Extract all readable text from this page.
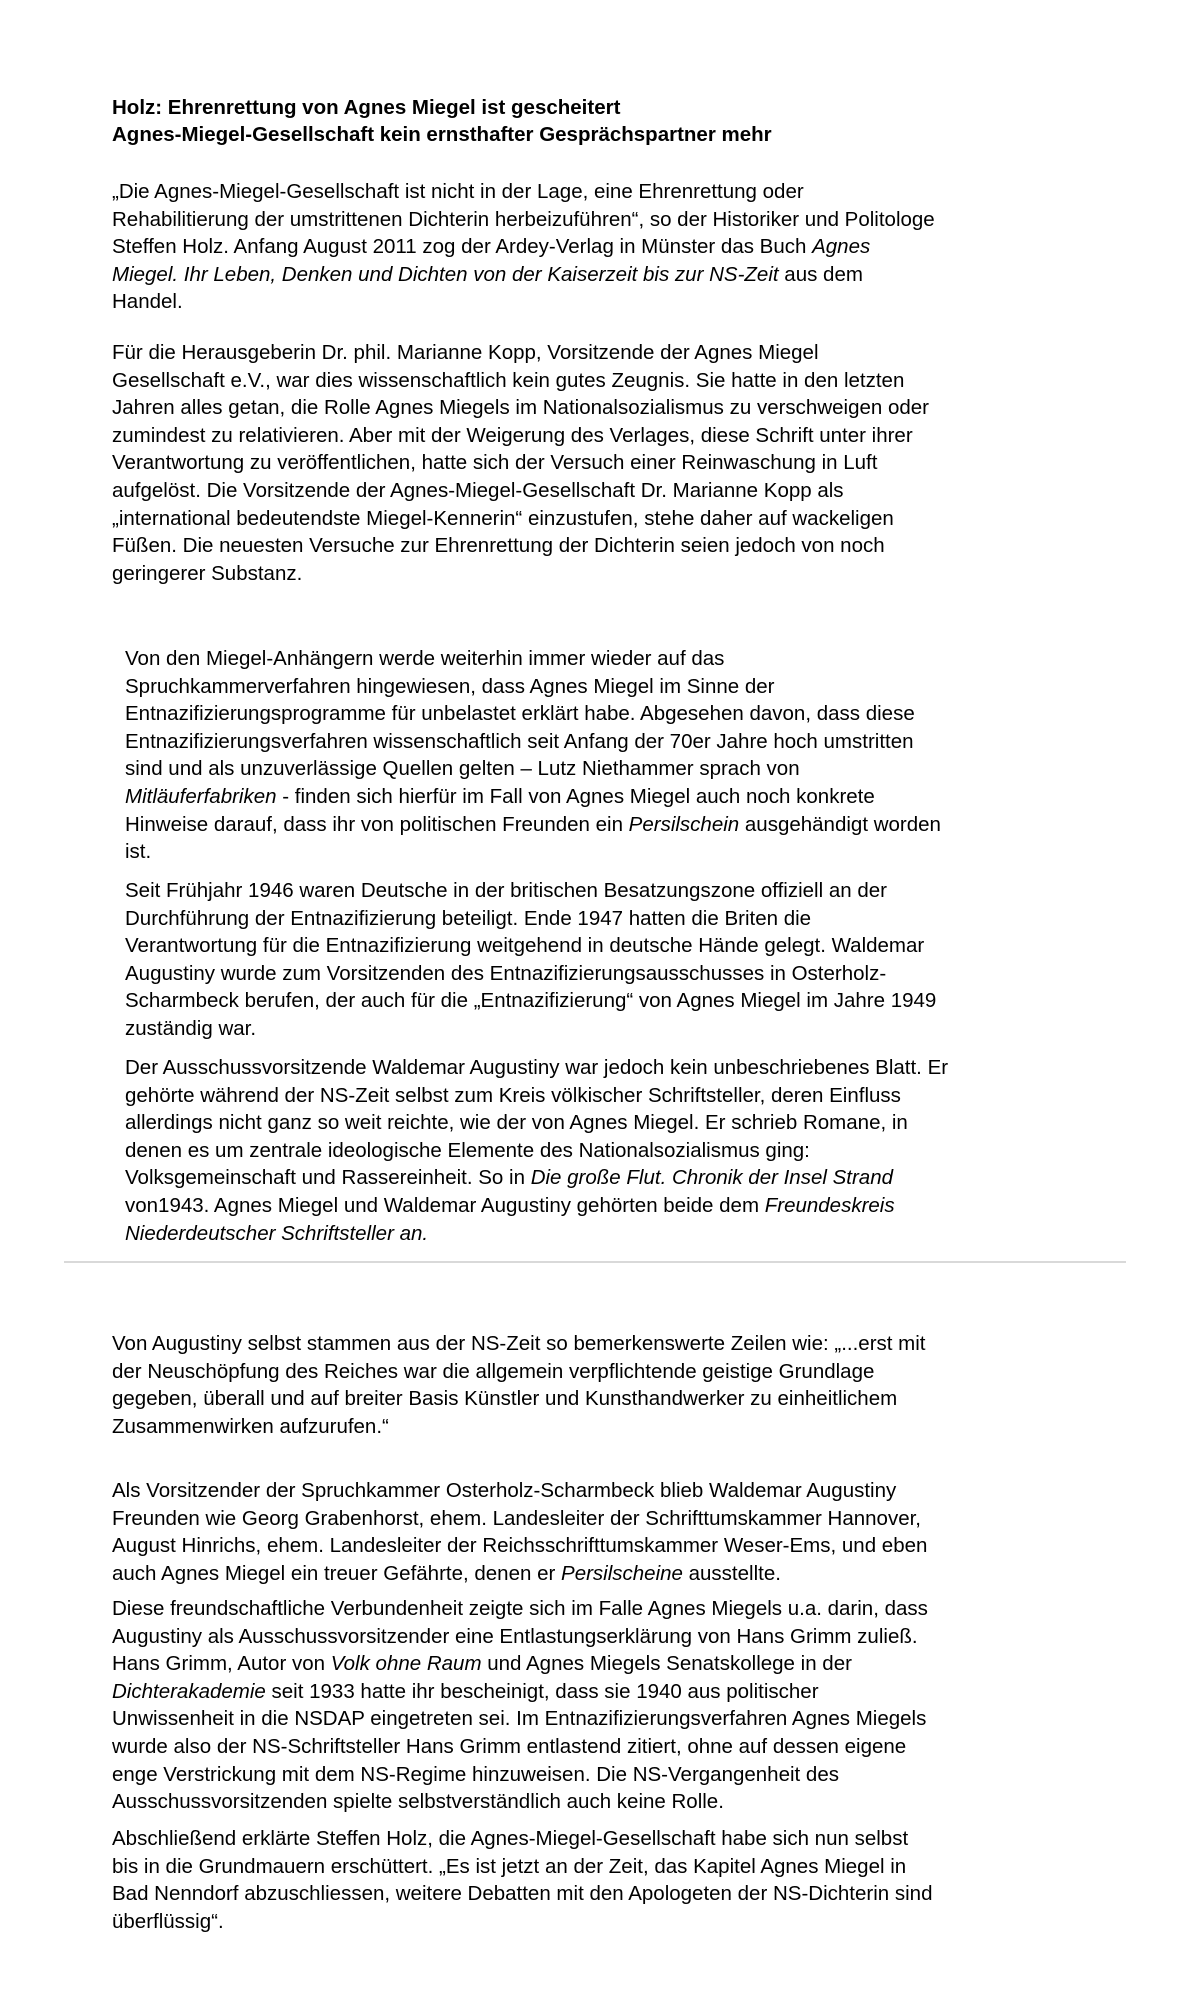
Holz: Ehrenrettung von Agnes Miegel ist gescheitert
Agnes-Miegel-Gesellschaft kein ernsthafter Gesprächspartner mehr
„Die Agnes-Miegel-Gesellschaft ist nicht in der Lage, eine Ehrenrettung oder
Rehabilitierung der umstrittenen Dichterin herbeizuführen“, so der Historiker und Politologe
Steffen Holz. Anfang August 2011 zog der Ardey-Verlag in Münster das Buch Agnes
Miegel. Ihr Leben, Denken und Dichten von der Kaiserzeit bis zur NS-Zeit aus dem
Handel.
Für die Herausgeberin Dr. phil. Marianne Kopp, Vorsitzende der Agnes Miegel
Gesellschaft e.V., war dies wissenschaftlich kein gutes Zeugnis. Sie hatte in den letzten
Jahren alles getan, die Rolle Agnes Miegels im Nationalsozialismus zu verschweigen oder
zumindest zu relativieren. Aber mit der Weigerung des Verlages, diese Schrift unter ihrer
Verantwortung zu veröffentlichen, hatte sich der Versuch einer Reinwaschung in Luft
aufgelöst. Die Vorsitzende der Agnes-Miegel-Gesellschaft Dr. Marianne Kopp als
„international bedeutendste Miegel-Kennerin“ einzustufen, stehe daher auf wackeligen
Füßen. Die neuesten Versuche zur Ehrenrettung der Dichterin seien jedoch von noch
geringerer Substanz.
Von den Miegel-Anhängern werde weiterhin immer wieder auf das
Spruchkammerverfahren hingewiesen, dass Agnes Miegel im Sinne der
Entnazifizierungsprogramme für unbelastet erklärt habe. Abgesehen davon, dass diese
Entnazifizierungsverfahren wissenschaftlich seit Anfang der 70er Jahre hoch umstritten
sind und als unzuverlässige Quellen gelten – Lutz Niethammer sprach von
Mitläuferfabriken - finden sich hierfür im Fall von Agnes Miegel auch noch konkrete
Hinweise darauf, dass ihr von politischen Freunden ein Persilschein ausgehändigt worden
ist.
Seit Frühjahr 1946 waren Deutsche in der britischen Besatzungszone offiziell an der
Durchführung der Entnazifizierung beteiligt. Ende 1947 hatten die Briten die
Verantwortung für die Entnazifizierung weitgehend in deutsche Hände gelegt. Waldemar
Augustiny wurde zum Vorsitzenden des Entnazifizierungsausschusses in Osterholz-
Scharmbeck berufen, der auch für die „Entnazifizierung“ von Agnes Miegel im Jahre 1949
zuständig war.
Der Ausschussvorsitzende Waldemar Augustiny war jedoch kein unbeschriebenes Blatt. Er
gehörte während der NS-Zeit selbst zum Kreis völkischer Schriftsteller, deren Einfluss
allerdings nicht ganz so weit reichte, wie der von Agnes Miegel. Er schrieb Romane, in
denen es um zentrale ideologische Elemente des Nationalsozialismus ging:
Volksgemeinschaft und Rassereinheit. So in Die große Flut. Chronik der Insel Strand
von1943. Agnes Miegel und Waldemar Augustiny gehörten beide dem Freundeskreis
Niederdeutscher Schriftsteller an.
Von Augustiny selbst stammen aus der NS-Zeit so bemerkenswerte Zeilen wie: „...erst mit
der Neuschöpfung des Reiches war die allgemein verpflichtende geistige Grundlage
gegeben, überall und auf breiter Basis Künstler und Kunsthandwerker zu einheitlichem
Zusammenwirken aufzurufen.“
Als Vorsitzender der Spruchkammer Osterholz-Scharmbeck blieb Waldemar Augustiny
Freunden wie Georg Grabenhorst, ehem. Landesleiter der Schrifttumskammer Hannover,
August Hinrichs, ehem. Landesleiter der Reichsschrifttumskammer Weser-Ems, und eben
auch Agnes Miegel ein treuer Gefährte, denen er Persilscheine ausstellte.
Diese freundschaftliche Verbundenheit zeigte sich im Falle Agnes Miegels u.a. darin, dass
Augustiny als Ausschussvorsitzender eine Entlastungserklärung von Hans Grimm zuließ.
Hans Grimm, Autor von Volk ohne Raum und Agnes Miegels Senatskollege in der
Dichterakademie seit 1933 hatte ihr bescheinigt, dass sie 1940 aus politischer
Unwissenheit in die NSDAP eingetreten sei. Im Entnazifizierungsverfahren Agnes Miegels
wurde also der NS-Schriftsteller Hans Grimm entlastend zitiert, ohne auf dessen eigene
enge Verstrickung mit dem NS-Regime hinzuweisen. Die NS-Vergangenheit des
Ausschussvorsitzenden spielte selbstverständlich auch keine Rolle.
Abschließend erklärte Steffen Holz, die Agnes-Miegel-Gesellschaft habe sich nun selbst
bis in die Grundmauern erschüttert. „Es ist jetzt an der Zeit, das Kapitel Agnes Miegel in
Bad Nenndorf abzuschliessen, weitere Debatten mit den Apologeten der NS-Dichterin sind
überflüssig“.
